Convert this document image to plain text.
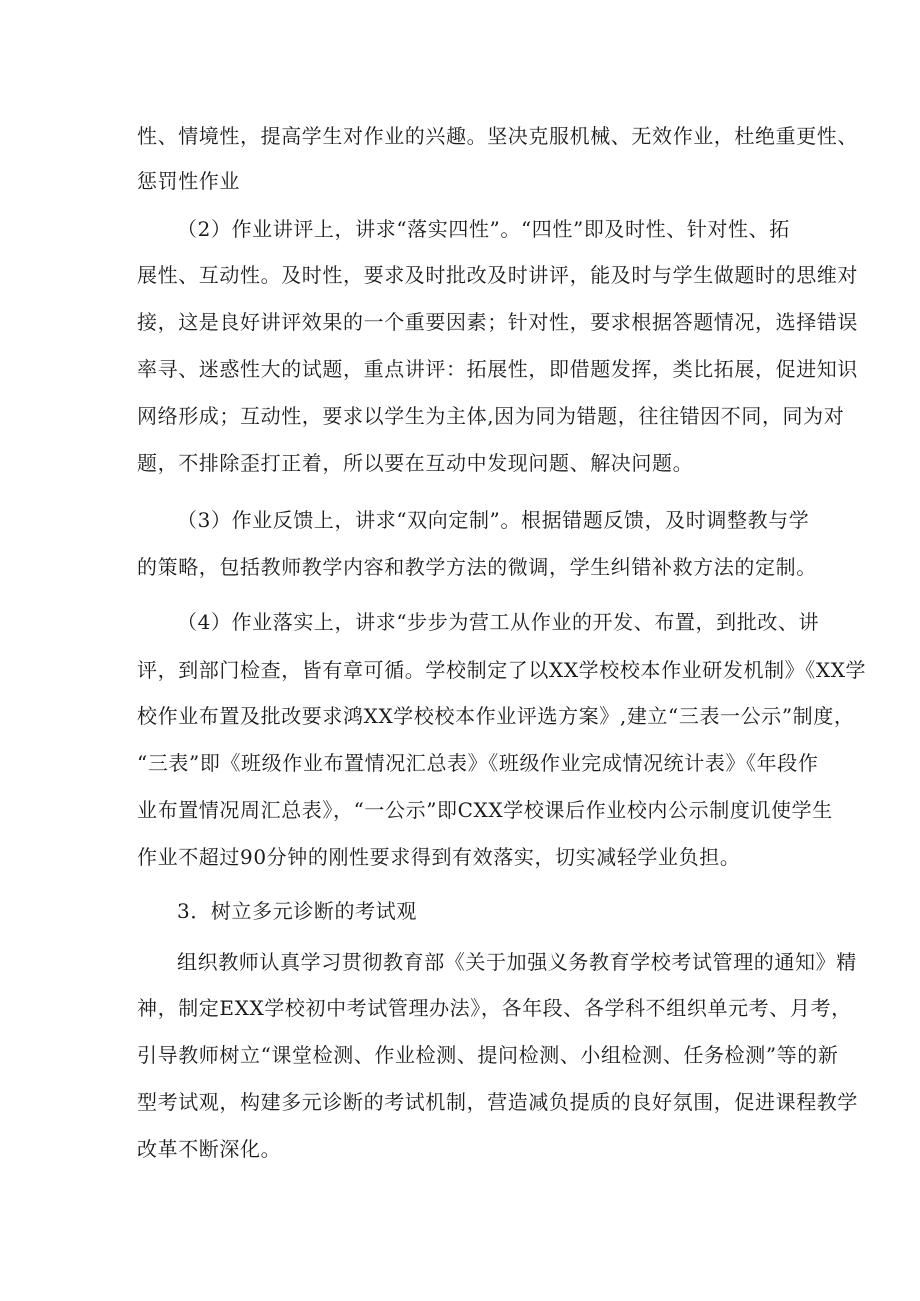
性、情境性，提高学生对作业的兴趣。坚决克服机械、无效作业，杜绝重更性、
惩罚性作业
（2）作业讲评上，讲求“落实四性”。“四性”即及时性、针对性、拓
展性、互动性。及时性，要求及时批改及时讲评，能及时与学生做题时的思维对
接，这是良好讲评效果的一个重要因素；针对性，要求根据答题情况，选择错误
率寻、迷惑性大的试题，重点讲评：拓展性，即借题发挥，类比拓展，促进知识
网络形成；互动性，要求以学生为主体,因为同为错题，往往错因不同，同为对
题，不排除歪打正着，所以要在互动中发现问题、解决问题。
（3）作业反馈上，讲求“双向定制”。根据错题反馈，及时调整教与学
的策略，包括教师教学内容和教学方法的微调，学生纠错补救方法的定制。
（4）作业落实上，讲求“步步为营工从作业的开发、布置，到批改、讲
评，到部门检查，皆有章可循。学校制定了以XX学校校本作业研发机制》《XX学
校作业布置及批改要求鸿XX学校校本作业评选方案》,建立“三表一公示”制度，
“三表”即《班级作业布置情况汇总表》《班级作业完成情况统计表》《年段作
业布置情况周汇总表》，“一公示”即CXX学校课后作业校内公示制度讥使学生
作业不超过90分钟的刚性要求得到有效落实，切实减轻学业负担。
3．树立多元诊断的考试观
组织教师认真学习贯彻教育部《关于加强义务教育学校考试管理的通知》精
神，制定EXX学校初中考试管理办法》，各年段、各学科不组织单元考、月考，
引导教师树立“课堂检测、作业检测、提问检测、小组检测、任务检测”等的新
型考试观，构建多元诊断的考试机制，营造减负提质的良好氛围，促进课程教学
改革不断深化。
